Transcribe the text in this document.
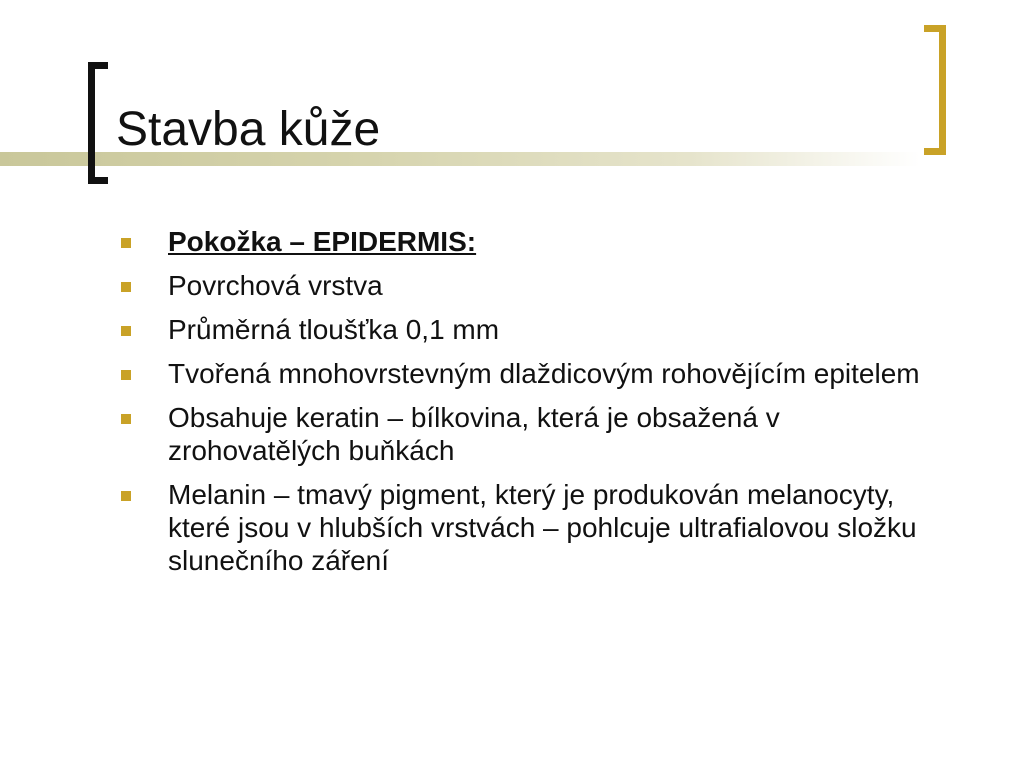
Stavba kůže
Pokožka – EPIDERMIS:
Povrchová vrstva
Průměrná tloušťka 0,1 mm
Tvořená mnohovrstevným dlaždicovým rohovějícím epitelem
Obsahuje keratin – bílkovina, která je obsažená v zrohovatělých buňkách
Melanin – tmavý pigment, který je produkován melanocyty, které jsou v hlubších vrstvách – pohlcuje ultrafialovou složku slunečního záření
